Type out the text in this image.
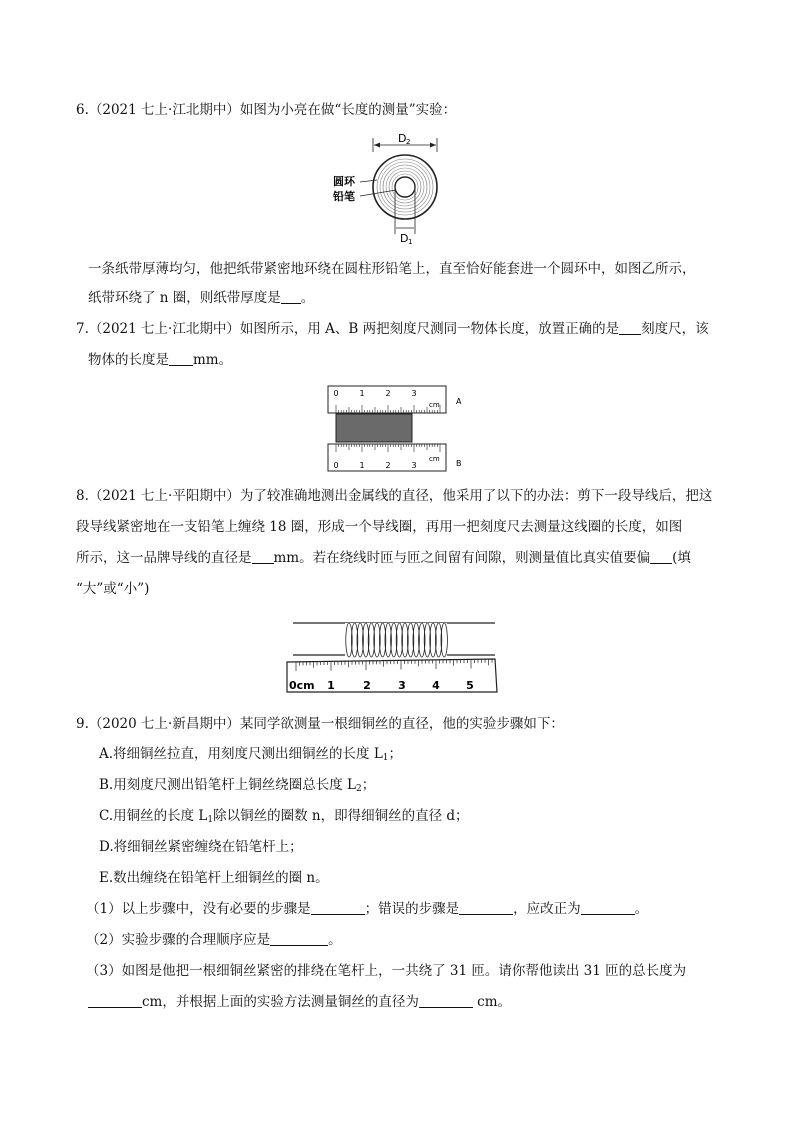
6.（2021 七上·江北期中）如图为小亮在做“长度的测量”实验：
D 2
D 1
圆环
铅笔
一条纸带厚薄均匀，他把纸带紧密地环绕在圆柱形铅笔上，直至恰好能套进一个圆环中，如图乙所示，
纸带环绕了 n 圈，则纸带厚度是 。
7.（2021 七上·江北期中）如图所示，用 A、B 两把刻度尺测同一物体长度，放置正确的是 刻度尺，该
物体的长度是 mm。
0	1	2	3
cm A
0	1	2	3
cm B
8.（2021 七上·平阳期中）为了较准确地测出金属线的直径，他采用了以下的办法：剪下一段导线后，把这
段导线紧密地在一支铅笔上缠绕 18 圈，形成一个导线圈，再用一把刻度尺去测量这线圈的长度，如图
所示，这一品牌导线的直径是 mm。若在绕线时匝与匝之间留有间隙，则测量值比真实值要偏 (填
“大”或“小”)
0cm 1	2 3 4 5
9.（2020 七上·新昌期中）某同学欲测量一根细铜丝的直径，他的实验步骤如下：
A.将细铜丝拉直，用刻度尺测出细铜丝的长度 $L_1$；
B.用刻度尺测出铅笔杆上铜丝绕圈总长度 $L_2$；
C.用铜丝的长度 $L_1$除以铜丝的圈数 n，即得细铜丝的直径 d；
D.将细铜丝紧密缠绕在铅笔杆上；
E.数出缠绕在铅笔杆上细铜丝的圈 n。
（1）以上步骤中，没有必要的步骤是	；错误的步骤是	，应改正为	。
（2）实验步骤的合理顺序应是	。
（3）如图是他把一根细铜丝紧密的排绕在笔杆上，一共绕了 31 匝。请你帮他读出 31 匝的总长度为
cm，并根据上面的实验方法测量铜丝的直径为	cm。
